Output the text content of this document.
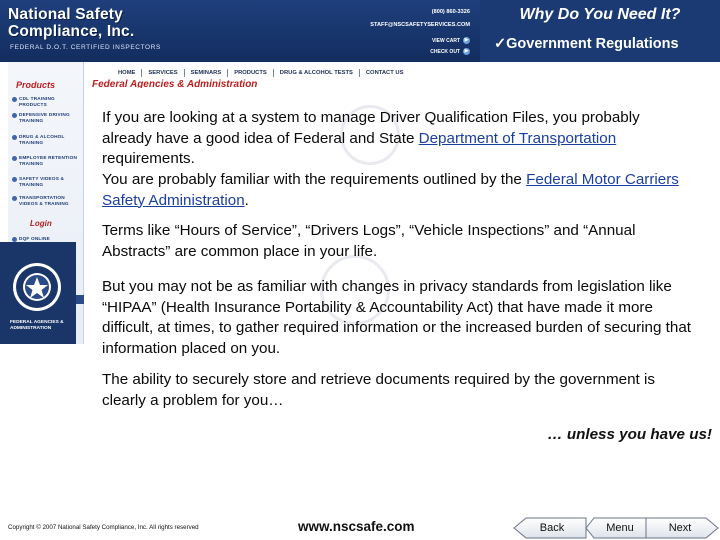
National Safety
Compliance, Inc.
FEDERAL D.O.T. CERTIFIED INSPECTORS
(800) 860-3326
STAFF@NSCSAFETYSERVICES.COM
VIEW CART ▶
CHECK OUT ▶
Why Do You Need It?
✓Government Regulations
HOME	SERVICES	SEMINARS	PRODUCTS	DRUG & ALCOHOL TESTS	CONTACT US
Federal Agencies & Administration
Products
CDL TRAINING PRODUCTS
DEFENSIVE DRIVING TRAINING
DRUG & ALCOHOL TRAINING
EMPLOYEE RETENTION TRAINING
SAFETY VIDEOS & TRAINING
TRANSPORTATION VIDEOS & TRAINING
Login
DQF ONLINE
FEDERAL AGENCIES & ADMINISTRATION

If you are looking at a system to manage Driver Qualification Files, you probably already have a good idea of Federal and State Department of Transportation requirements.

You are probably familiar with the requirements outlined by the Federal Motor Carriers Safety Administration.

Terms like “Hours of Service”, “Drivers Logs”, “Vehicle Inspections” and “Annual Abstracts” are common place in your life.

But you may not be as familiar with changes in privacy standards from legislation like “HIPAA” (Health Insurance Portability & Accountability Act) that have made it more difficult, at times, to gather required information or the increased burden of securing that information placed on you.

The ability to securely store and retrieve documents required by the government is clearly a problem for you…

… unless you have us!
Copyright © 2007 National Safety Compliance, Inc. All rights reserved	www.nscsafe.com	Back	Menu	Next
